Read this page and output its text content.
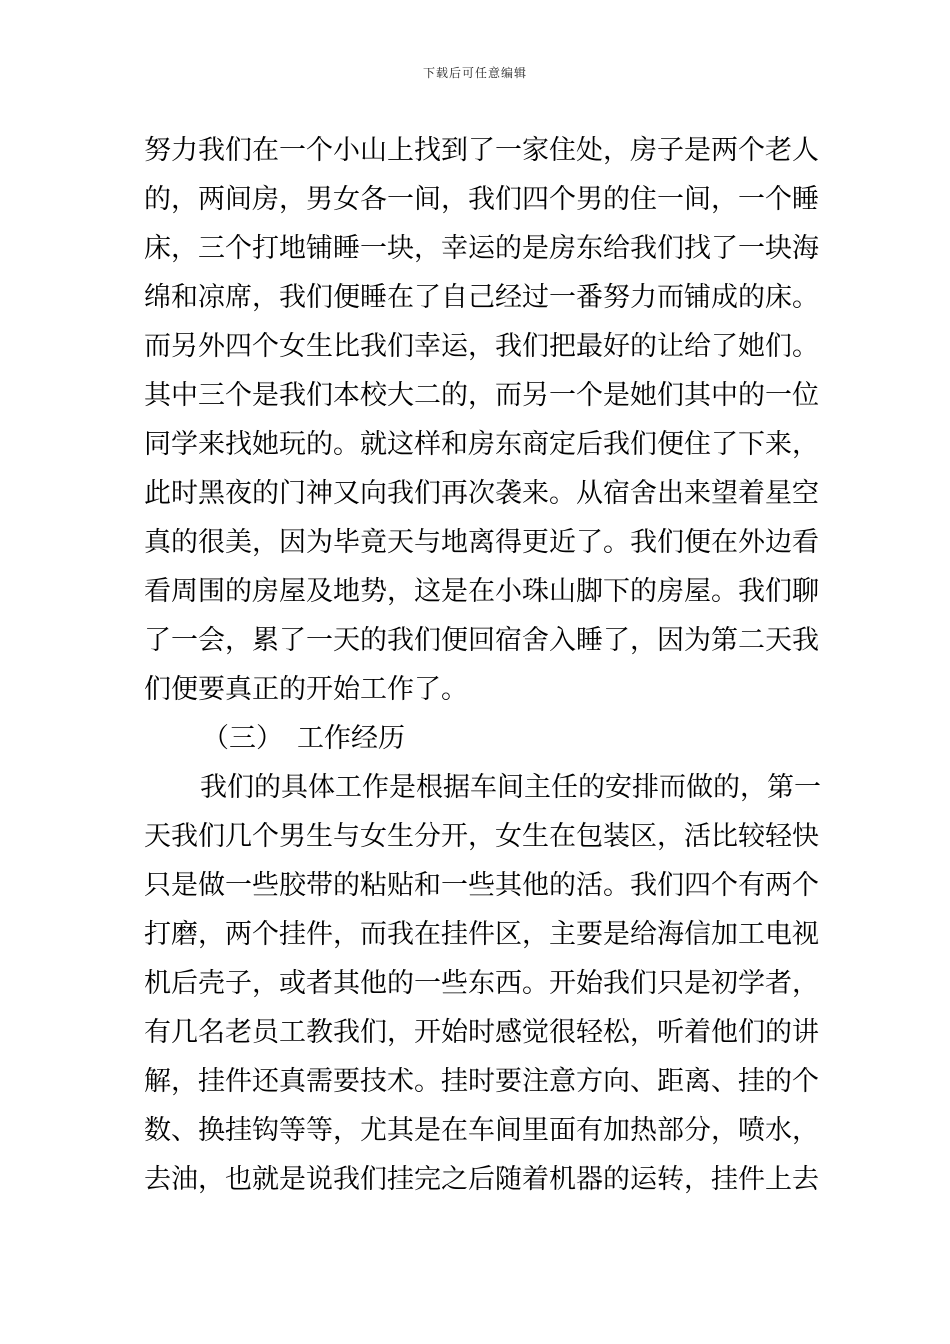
下载后可任意编辑
努力我们在一个小山上找到了一家住处，房子是两个老人
的，两间房，男女各一间，我们四个男的住一间，一个睡
床，三个打地铺睡一块，幸运的是房东给我们找了一块海
绵和凉席，我们便睡在了自己经过一番努力而铺成的床。
而另外四个女生比我们幸运，我们把最好的让给了她们。
其中三个是我们本校大二的，而另一个是她们其中的一位
同学来找她玩的。就这样和房东商定后我们便住了下来，
此时黑夜的门神又向我们再次袭来。从宿舍出来望着星空
真的很美，因为毕竟天与地离得更近了。我们便在外边看
看周围的房屋及地势，这是在小珠山脚下的房屋。我们聊
了一会，累了一天的我们便回宿舍入睡了，因为第二天我
们便要真正的开始工作了。
（三） 工作经历
我们的具体工作是根据车间主任的安排而做的，第一
天我们几个男生与女生分开，女生在包装区，活比较轻快
只是做一些胶带的粘贴和一些其他的活。我们四个有两个
打磨，两个挂件，而我在挂件区，主要是给海信加工电视
机后壳子，或者其他的一些东西。开始我们只是初学者，
有几名老员工教我们，开始时感觉很轻松，听着他们的讲
解，挂件还真需要技术。挂时要注意方向、距离、挂的个
数、换挂钩等等，尤其是在车间里面有加热部分，喷水，
去油，也就是说我们挂完之后随着机器的运转，挂件上去
